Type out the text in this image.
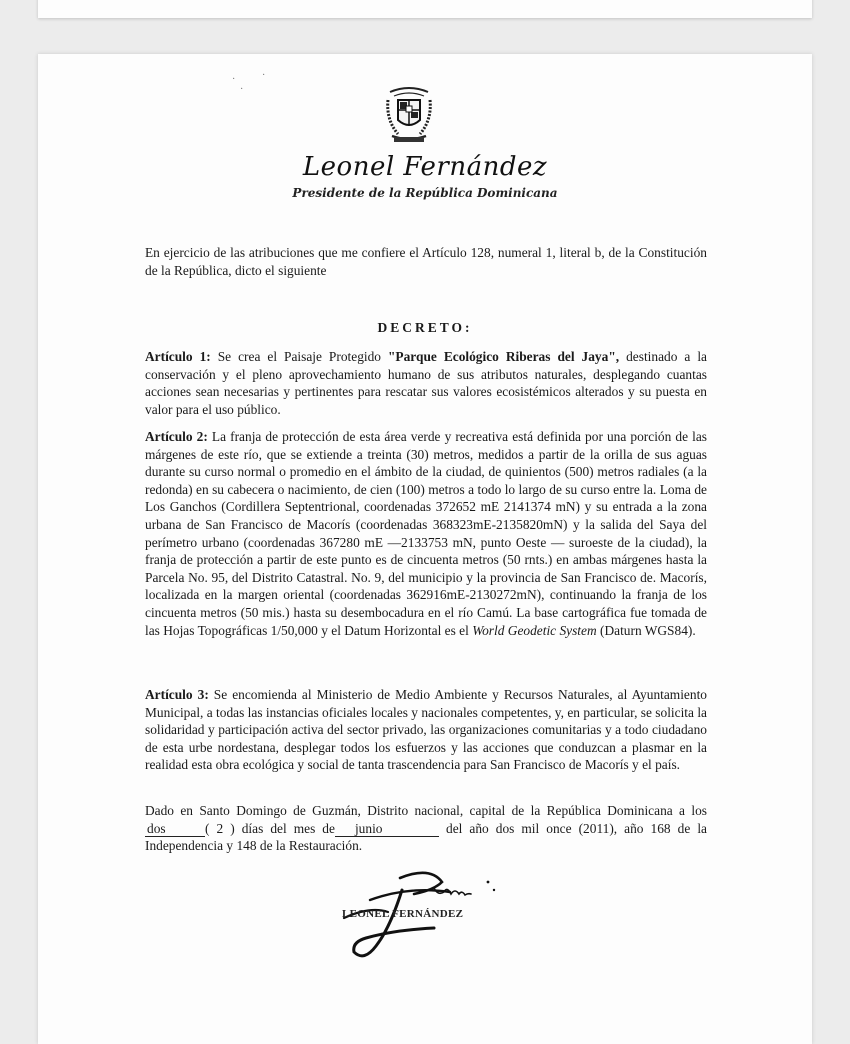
·	·
·
Leonel Fernández
Presidente de la República Dominicana

En ejercicio de las atribuciones que me confiere el Artículo 128, numeral 1, literal b, de la Constitución de la República, dicto el siguiente

DECRETO:

Artículo 1: Se crea el Paisaje Protegido "Parque Ecológico Riberas del Jaya", destinado a la conservación y el pleno aprovechamiento humano de sus atributos naturales, desplegando cuantas acciones sean necesarias y pertinentes para rescatar sus valores ecosistémicos alterados y su puesta en valor para el uso público.

Artículo 2: La franja de protección de esta área verde y recreativa está definida por una porción de las márgenes de este río, que se extiende a treinta (30) metros, medidos a partir de la orilla de sus aguas durante su curso normal o promedio en el ámbito de la ciudad, de quinientos (500) metros radiales (a la redonda) en su cabecera o nacimiento, de cien (100) metros a todo lo largo de su curso entre la. Loma de Los Ganchos (Cordillera Septentrional, coordenadas 372652 mE 2141374 mN) y su entrada a la zona urbana de San Francisco de Macorís (coordenadas 368323mE-2135820mN) y la salida del Saya del perímetro urbano (coordenadas 367280 mE —2133753 mN, punto Oeste — suroeste de la ciudad), la franja de protección a partir de este punto es de cincuenta metros (50 rnts.) en ambas márgenes hasta la Parcela No. 95, del Distrito Catastral. No. 9, del municipio y la provincia de San Francisco de. Macorís, localizada en la margen oriental (coordenadas 362916mE-2130272mN), continuando la franja de los cincuenta metros (50 mis.) hasta su desembocadura en el río Camú. La base cartográfica fue tomada de las Hojas Topográficas 1/50,000 y el Datum Horizontal es el World Geodetic System (Daturn WGS84).

Artículo 3: Se encomienda al Ministerio de Medio Ambiente y Recursos Naturales, al Ayuntamiento Municipal, a todas las instancias oficiales locales y nacionales competentes, y, en particular, se solicita la solidaridad y participación activa del sector privado, las organizaciones comunitarias y a todo ciudadano de esta urbe nordestana, desplegar todos los esfuerzos y las acciones que conduzcan a plasmar en la realidad esta obra ecológica y social de tanta trascendencia para San Francisco de Macorís y el país.

Dado en Santo Domingo de Guzmán, Distrito nacional, capital de la República Dominicana a los dos	( 2 ) días del mes de junio	del año dos mil once (2011), año 168 de la Independencia y 148 de la Restauración.

LEONEL FERNÁNDEZ
